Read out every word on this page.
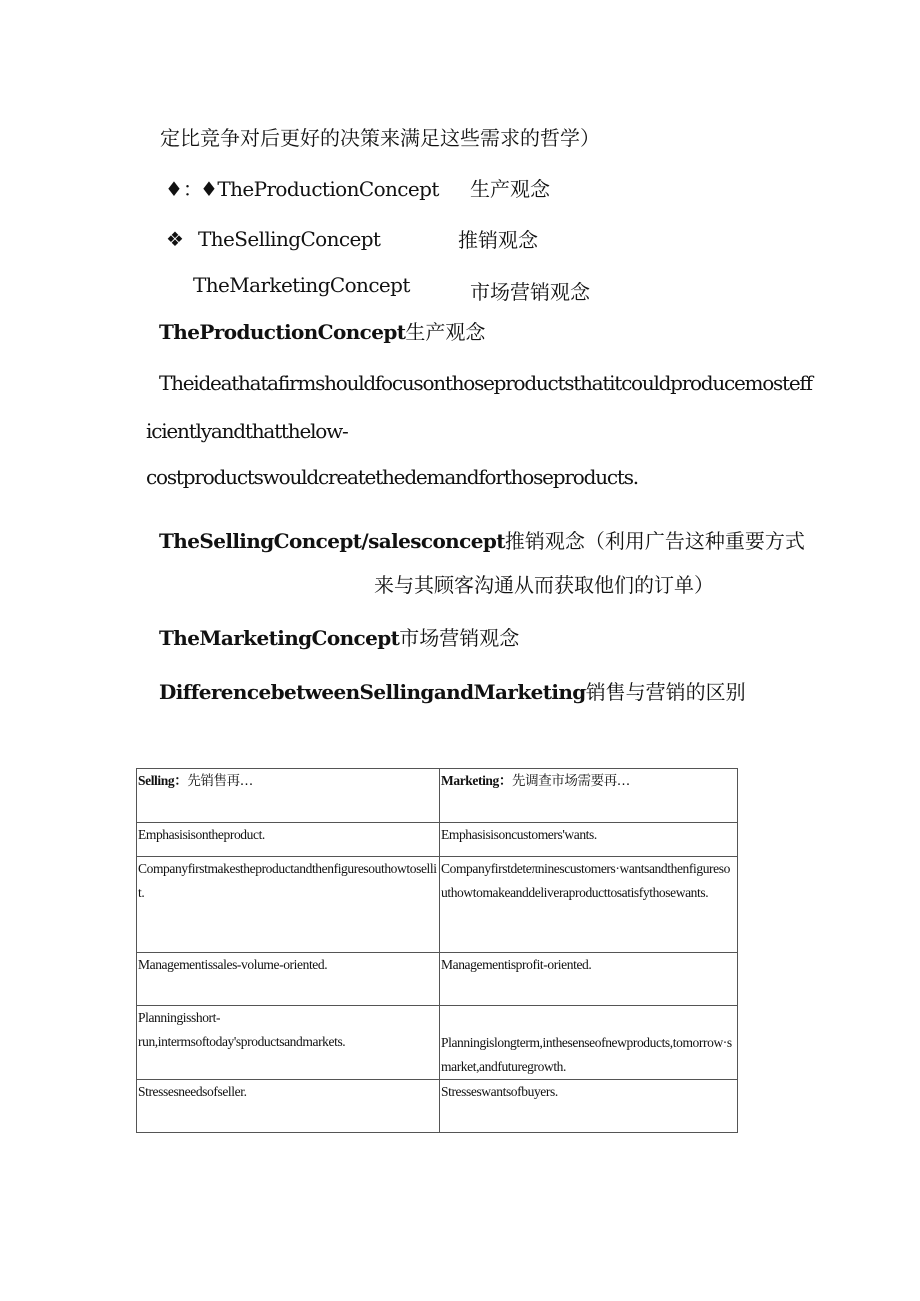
定比竞争对后更好的决策来满足这些需求的哲学）
♦：
♦TheProductionConcept 生产观念
❖ TheSellingConcept	推销观念
TheMarketingConcept	市场营销观念
TheProductionConcept生产观念
Theideathatafirmshouldfocusonthoseproductsthatitcouldproducemosteff
icientlyandthatthelow-
costproductswouldcreatethedemandforthoseproducts.
TheSellingConcept/salesconcept推销观念（利用广告这种重要方式
来与其顾客沟通从而获取他们的订单）
TheMarketingConcept市场营销观念
DifferencebetweenSellingandMarketing销售与营销的区别
Selling：先销售再…	Marketing：先调查市场需要再…
Emphasisisontheproduct.	Emphasisisoncustomers'wants.
Companyfirstmakestheproductandthenfiguresouthowtosellit.	Companyfirstdeteπninescustomers·wantsandthenfiguresouthowtomakeanddeliveraproducttosatisfythosewants.
Managementissales-volume-oriented.	Managementisprofit-oriented.

Planningisshort-
run,intermsoftoday'sproductsandmarkets.	Planningislongterm,inthesenseofnewproducts,tomorrow·smarket,andfuturegrowth.
Stressesneedsofseller.	Stresseswantsofbuyers.
